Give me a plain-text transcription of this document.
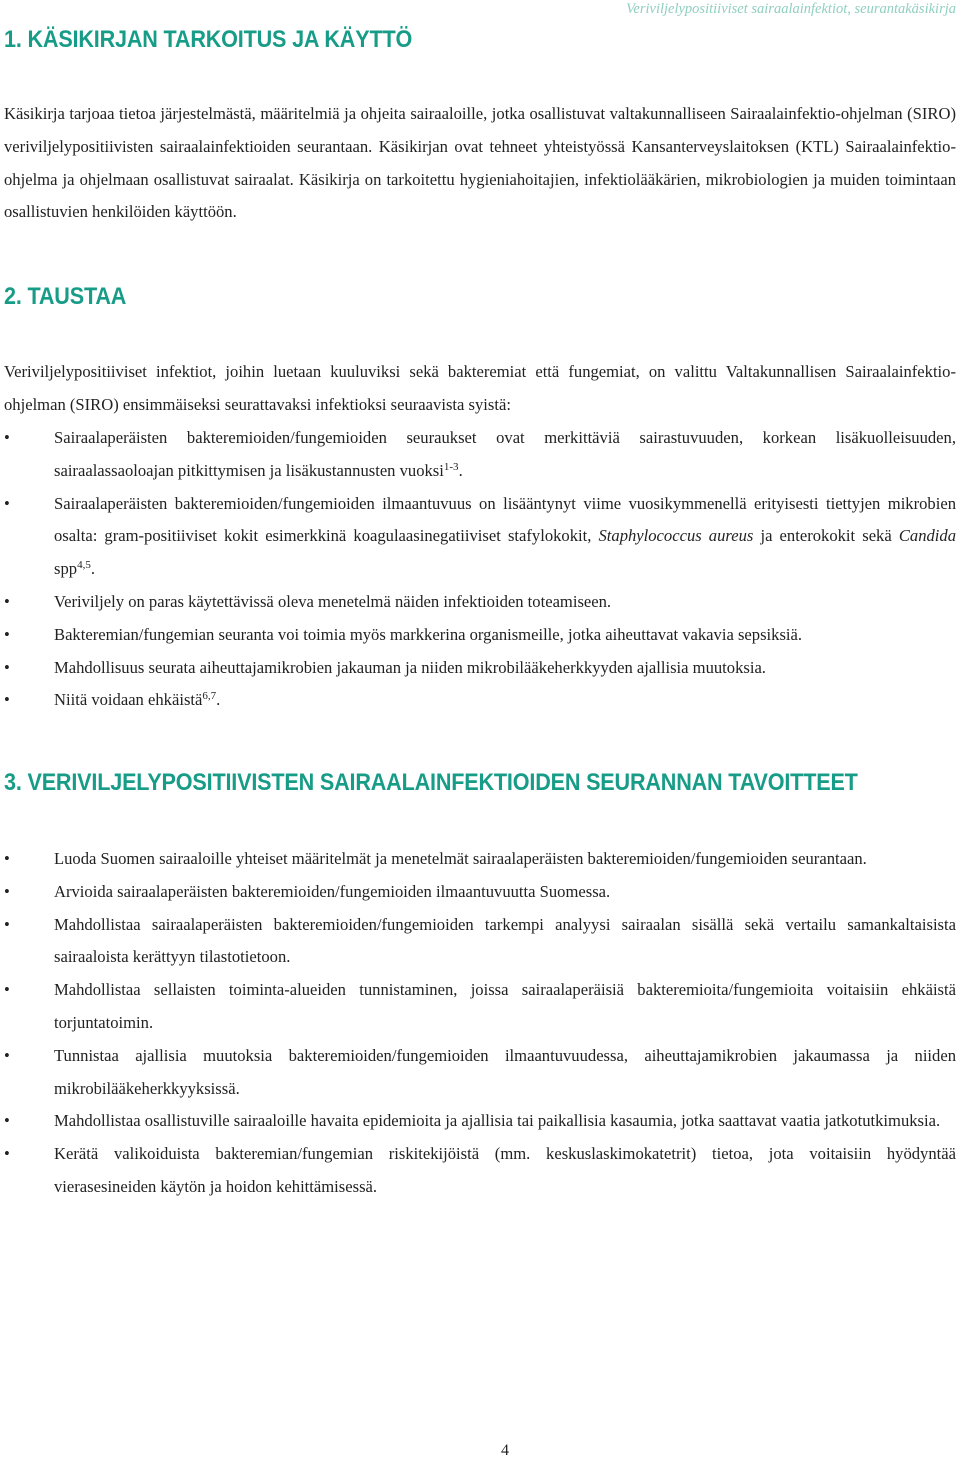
Veriviljelypositiiviset sairaalainfektiot, seurantakäsikirja
1. KÄSIKIRJAN TARKOITUS JA KÄYTTÖ

Käsikirja tarjoaa tietoa järjestelmästä, määritelmiä ja ohjeita sairaaloille, jotka osallistuvat valtakunnalliseen Sairaalainfektio-ohjelman (SIRO) veriviljelypositiivisten sairaalainfektioiden seurantaan. Käsikirjan ovat tehneet yhteistyössä Kansanterveyslaitoksen (KTL) Sairaalainfektio-ohjelma ja ohjelmaan osallistuvat sairaalat. Käsikirja on tarkoitettu hygieniahoitajien, infektiolääkärien, mikrobiologien ja muiden toimintaan osallistuvien henkilöiden käyttöön.

2. TAUSTAA

Veriviljelypositiiviset infektiot, joihin luetaan kuuluviksi sekä bakteremiat että fungemiat, on valittu Valtakunnallisen Sairaalainfektio-ohjelman (SIRO) ensimmäiseksi seurattavaksi infektioksi seuraavista syistä:

•	Sairaalaperäisten bakteremioiden/fungemioiden seuraukset ovat merkittäviä sairastuvuuden, korkean lisäkuolleisuuden, sairaalassaoloajan pitkittymisen ja lisäkustannusten vuoksi$^{1-3}$.
•	Sairaalaperäisten bakteremioiden/fungemioiden ilmaantuvuus on lisääntynyt viime vuosikymmenellä erityisesti tiettyjen mikrobien osalta: gram-positiiviset kokit esimerkkinä koagulaasinegatiiviset stafylokokit, Staphylococcus aureus ja enterokokit sekä Candida spp$^{4,5}$.
•	Veriviljely on paras käytettävissä oleva menetelmä näiden infektioiden toteamiseen.
•	Bakteremian/fungemian seuranta voi toimia myös markkerina organismeille, jotka aiheuttavat vakavia sepsiksiä.
•	Mahdollisuus seurata aiheuttajamikrobien jakauman ja niiden mikrobilääkeherkkyyden ajallisia muutoksia.
•	Niitä voidaan ehkäistä$^{6,7}$.
3. VERIVILJELYPOSITIIVISTEN SAIRAALAINFEKTIOIDEN SEURANNAN TAVOITTEET
•	Luoda Suomen sairaaloille yhteiset määritelmät ja menetelmät sairaalaperäisten bakteremioiden/fungemioiden seurantaan.
•	Arvioida sairaalaperäisten bakteremioiden/fungemioiden ilmaantuvuutta Suomessa.
•	Mahdollistaa sairaalaperäisten bakteremioiden/fungemioiden tarkempi analyysi sairaalan sisällä sekä vertailu samankaltaisista sairaaloista kerättyyn tilastotietoon.
•	Mahdollistaa sellaisten toiminta-alueiden tunnistaminen, joissa sairaalaperäisiä bakteremioita/fungemioita voitaisiin ehkäistä torjuntatoimin.
•	Tunnistaa ajallisia muutoksia bakteremioiden/fungemioiden ilmaantuvuudessa, aiheuttajamikrobien jakaumassa ja niiden mikrobilääkeherkkyyksissä.
•	Mahdollistaa osallistuville sairaaloille havaita epidemioita ja ajallisia tai paikallisia kasaumia, jotka saattavat vaatia jatkotutkimuksia.
•	Kerätä valikoiduista bakteremian/fungemian riskitekijöistä (mm. keskuslaskimokatetrit) tietoa, jota voitaisiin hyödyntää vierasesineiden käytön ja hoidon kehittämisessä.
4
